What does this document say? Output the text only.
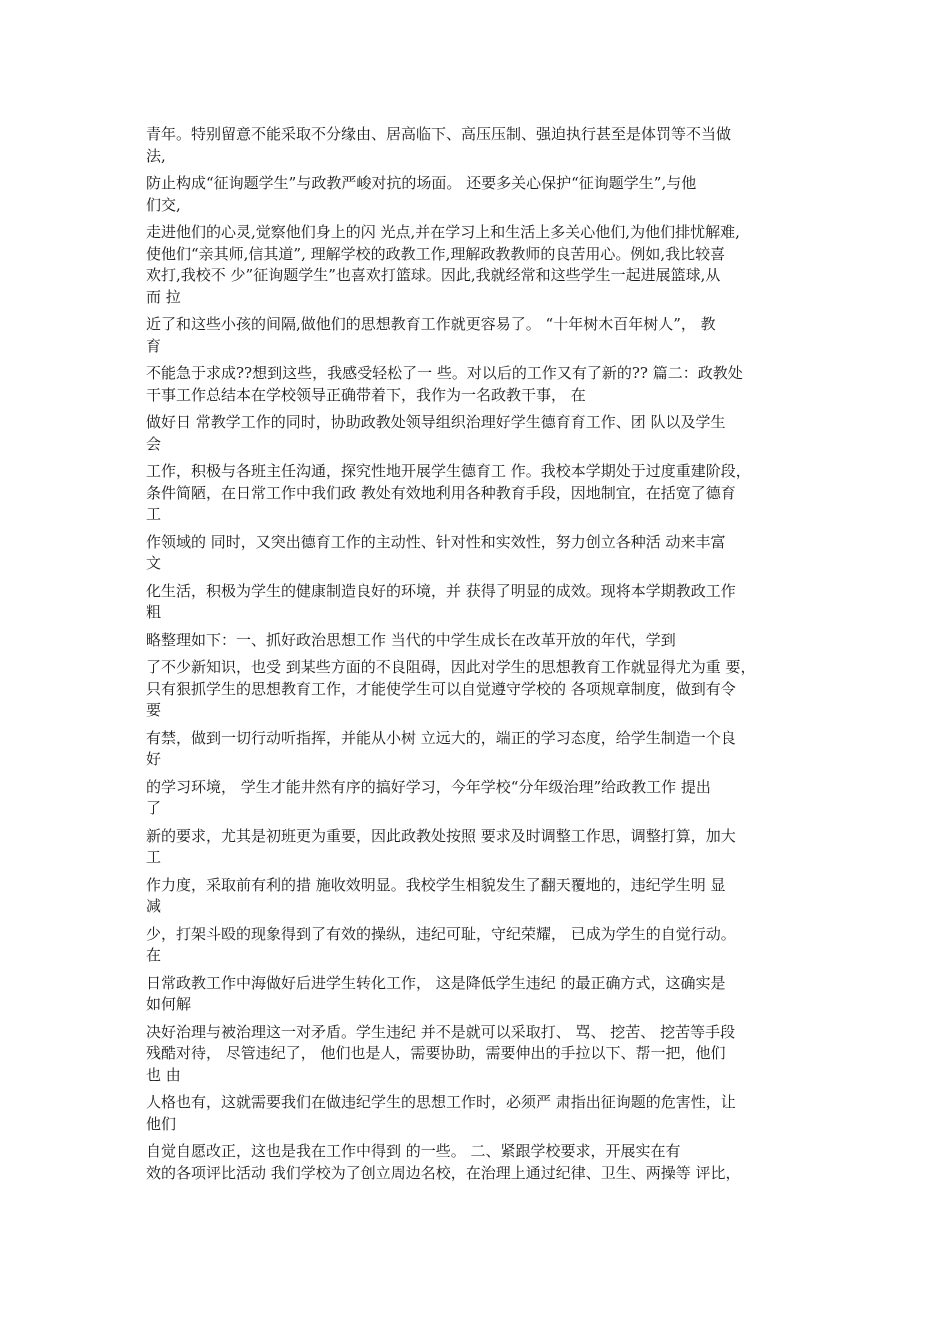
青年。特别留意不能采取不分缘由、居高临下、高压压制、强迫执行甚至是体罚等不当做
法,
防止构成“征询题学生”与政教严峻对抗的场面。 还要多关心保护“征询题学生”,与他
们交,
走进他们的心灵,觉察他们身上的闪 光点,并在学习上和生活上多关心他们,为他们排忧解难,
使他们“亲其师,信其道”, 理解学校的政教工作,理解政教教师的良苦用心。例如,我比较喜
欢打,我校不 少”征询题学生”也喜欢打篮球。因此,我就经常和这些学生一起进展篮球,从
而 拉
近了和这些小孩的间隔,做他们的思想教育工作就更容易了。 “十年树木百年树人”， 教
育
不能急于求成??想到这些，我感受轻松了一 些。对以后的工作又有了新的?? 篇二：政教处
干事工作总结本在学校领导正确带着下，我作为一名政教干事， 在
做好日 常教学工作的同时，协助政教处领导组织治理好学生德育育工作、团 队以及学生
会
工作，积极与各班主任沟通，探究性地开展学生德育工 作。我校本学期处于过度重建阶段，
条件简陋，在日常工作中我们政 教处有效地利用各种教育手段，因地制宜，在括宽了德育
工
作领域的 同时，又突出德育工作的主动性、针对性和实效性，努力创立各种活 动来丰富
文
化生活，积极为学生的健康制造良好的环境，并 获得了明显的成效。现将本学期教政工作
粗
略整理如下：一、抓好政治思想工作 当代的中学生成长在改革开放的年代，学到
了不少新知识，也受 到某些方面的不良阻碍，因此对学生的思想教育工作就显得尤为重 要，
只有狠抓学生的思想教育工作，才能使学生可以自觉遵守学校的 各项规章制度，做到有令
要
有禁，做到一切行动听指挥，并能从小树 立远大的，端正的学习态度，给学生制造一个良
好
的学习环境， 学生才能井然有序的搞好学习，今年学校“分年级治理”给政教工作 提出
了
新的要求，尤其是初班更为重要，因此政教处按照 要求及时调整工作思，调整打算，加大
工
作力度，采取前有利的措 施收效明显。我校学生相貌发生了翻天覆地的，违纪学生明 显
减
少，打架斗殴的现象得到了有效的操纵，违纪可耻，守纪荣耀， 已成为学生的自觉行动。
在
日常政教工作中海做好后进学生转化工作， 这是降低学生违纪 的最正确方式，这确实是
如何解
决好治理与被治理这一对矛盾。学生违纪 并不是就可以采取打、 骂、 挖苦、 挖苦等手段
残酷对待， 尽管违纪了， 他们也是人，需要协助，需要伸出的手拉以下、帮一把，他们
也 由
人格也有，这就需要我们在做违纪学生的思想工作时，必须严 肃指出征询题的危害性，让
他们
自觉自愿改正，这也是我在工作中得到 的一些。 二、紧跟学校要求，开展实在有
效的各项评比活动 我们学校为了创立周边名校，在治理上通过纪律、卫生、两操等 评比，
